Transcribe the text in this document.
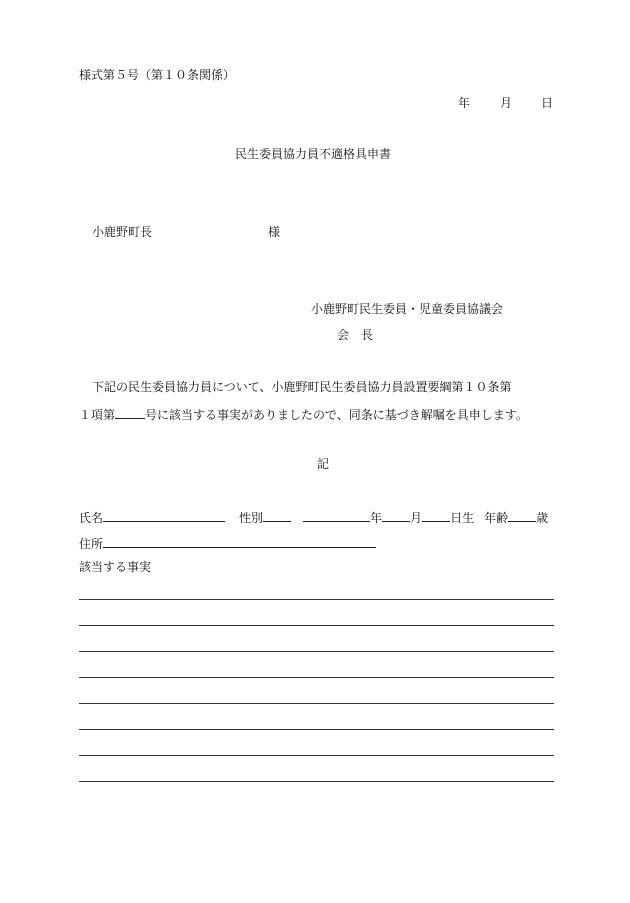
様式第５号（第１０条関係）
年 月 日
民生委員協力員不適格具申書
小鹿野町長	様
小鹿野町民生委員・児童委員協議会
会　長
下記の民生委員協力員について、小鹿野町民生委員協力員設置要綱第１０条第
１項第	号に該当する事実がありましたので、同条に基づき解嘱を具申します。
記
氏名	性別	年 月 日生 年齢 歳
住所
該当する事実
